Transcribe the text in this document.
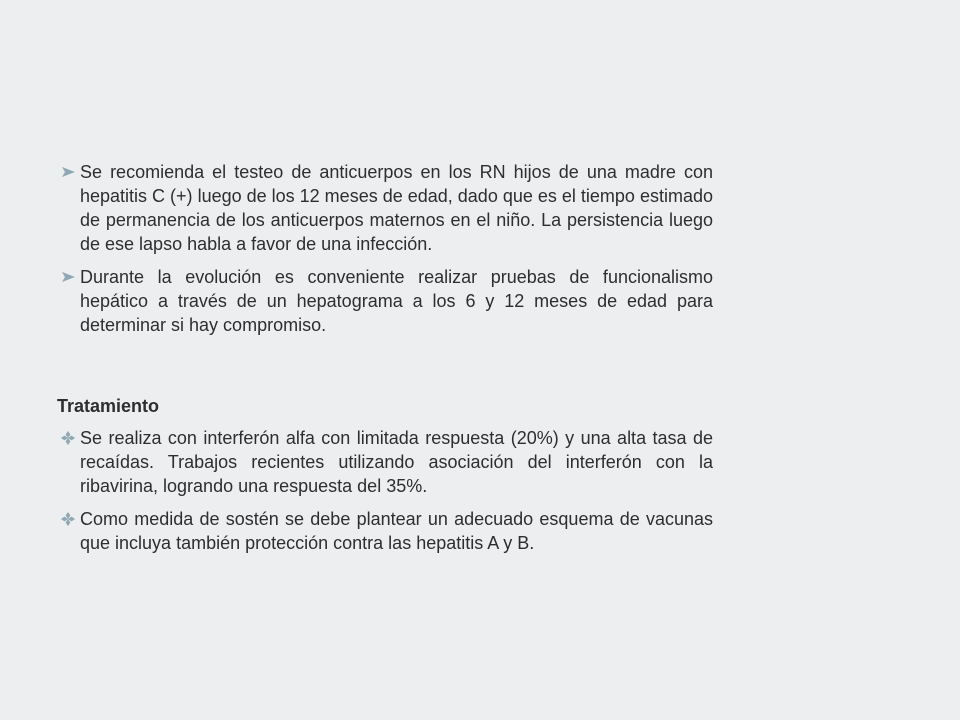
Se recomienda el testeo de anticuerpos en los RN hijos de una madre con hepatitis C (+) luego de los 12 meses de edad, dado que es el tiempo estimado de permanencia de los anticuerpos maternos en el niño. La persistencia luego de ese lapso habla a favor de una infección.
Durante la evolución es conveniente realizar pruebas de funcionalismo hepático a través de un hepatograma a los 6 y 12 meses de edad para determinar si hay compromiso.
Tratamiento
Se realiza con interferón alfa con limitada respuesta (20%) y una alta tasa de recaídas. Trabajos recientes utilizando asociación del interferón con la ribavirina, logrando una respuesta del 35%.
Como medida de sostén se debe plantear un adecuado esquema de vacunas que incluya también protección contra las hepatitis A y B.
